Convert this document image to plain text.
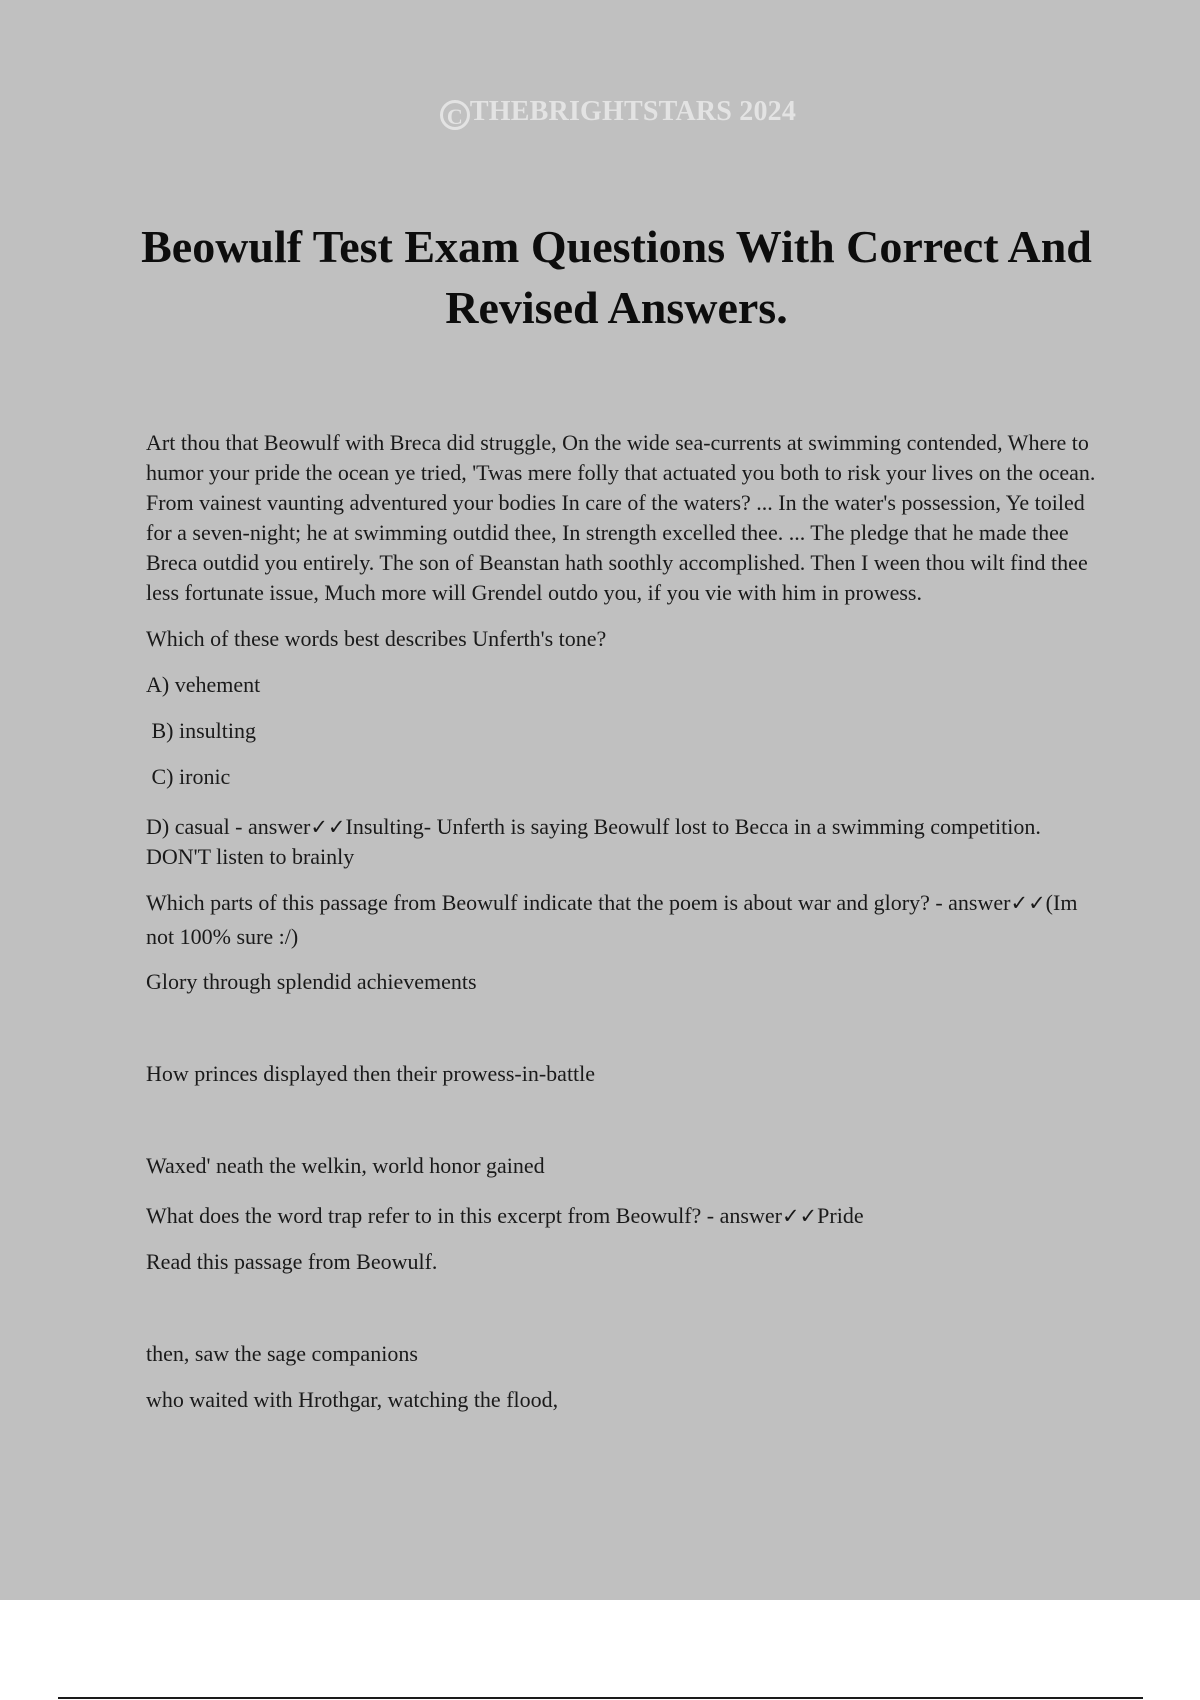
C THEBRIGHTSTARS 2024
Beowulf Test Exam Questions With Correct And Revised Answers.

Art thou that Beowulf with Breca did struggle, On the wide sea-currents at swimming contended, Where to humor your pride the ocean ye tried, 'Twas mere folly that actuated you both to risk your lives on the ocean. From vainest vaunting adventured your bodies In care of the waters? ... In the water's possession, Ye toiled for a seven-night; he at swimming outdid thee, In strength excelled thee. ... The pledge that he made thee Breca outdid you entirely. The son of Beanstan hath soothly accomplished. Then I ween thou wilt find thee less fortunate issue, Much more will Grendel outdo you, if you vie with him in prowess.

Which of these words best describes Unferth's tone?

A) vehement

B) insulting

C) ironic

D) casual - answer✓✓Insulting- Unferth is saying Beowulf lost to Becca in a swimming competition. DON'T listen to brainly

Which parts of this passage from Beowulf indicate that the poem is about war and glory? - answer✓✓(Im not 100% sure :/)

Glory through splendid achievements

How princes displayed then their prowess-in-battle

Waxed' neath the welkin, world honor gained

What does the word trap refer to in this excerpt from Beowulf? - answer✓✓Pride

Read this passage from Beowulf.

then, saw the sage companions

who waited with Hrothgar, watching the flood,
